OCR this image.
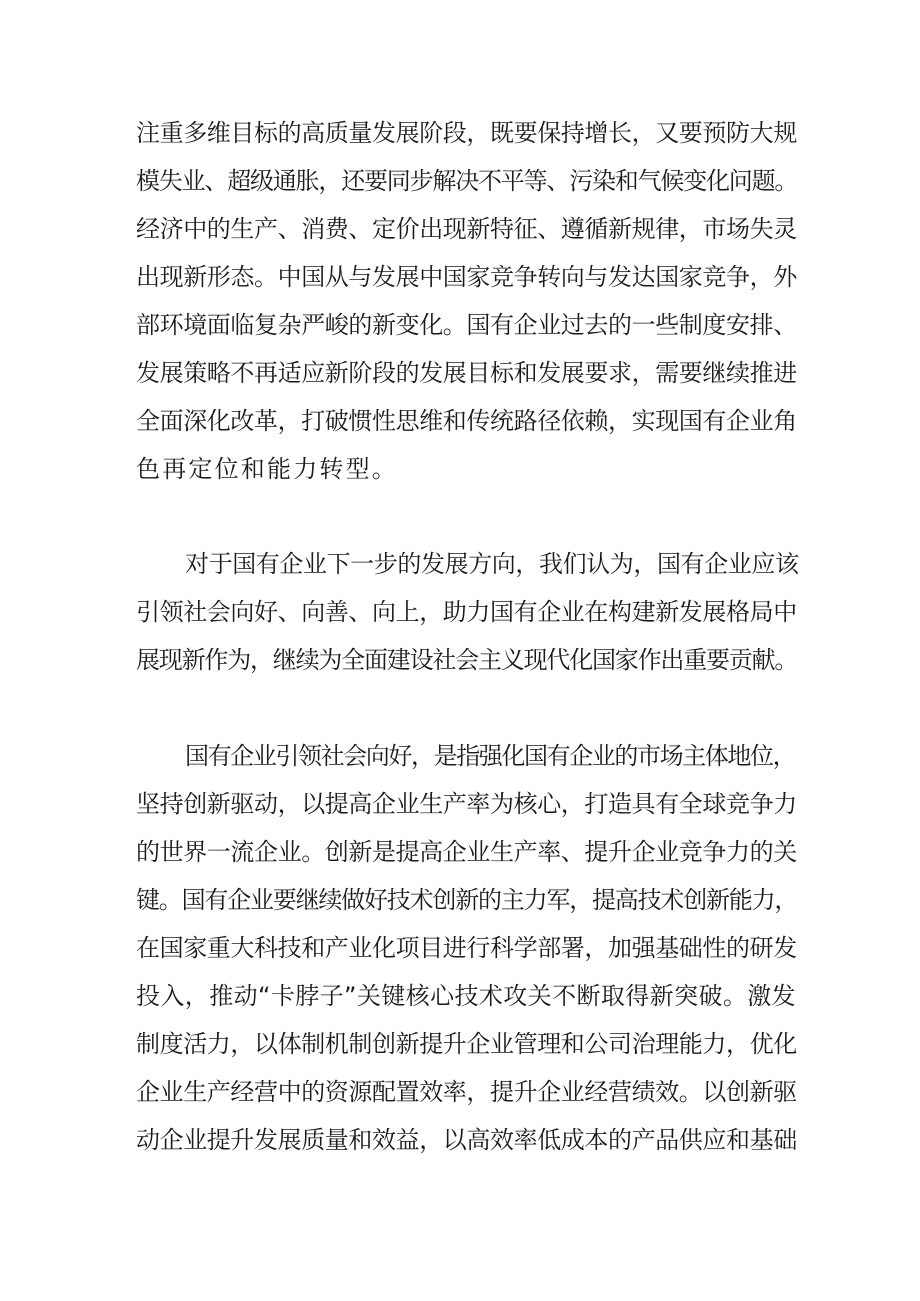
注重多维目标的高质量发展阶段，既要保持增长，又要预防大规
模失业、超级通胀，还要同步解决不平等、污染和气候变化问题。
经济中的生产、消费、定价出现新特征、遵循新规律，市场失灵
出现新形态。中国从与发展中国家竞争转向与发达国家竞争，外
部环境面临复杂严峻的新变化。国有企业过去的一些制度安排、
发展策略不再适应新阶段的发展目标和发展要求，需要继续推进
全面深化改革，打破惯性思维和传统路径依赖，实现国有企业角
色再定位和能力转型。
对于国有企业下一步的发展方向，我们认为，国有企业应该
引领社会向好、向善、向上，助力国有企业在构建新发展格局中
展现新作为，继续为全面建设社会主义现代化国家作出重要贡献。
国有企业引领社会向好，是指强化国有企业的市场主体地位，
坚持创新驱动，以提高企业生产率为核心，打造具有全球竞争力
的世界一流企业。创新是提高企业生产率、提升企业竞争力的关
键。国有企业要继续做好技术创新的主力军，提高技术创新能力，
在国家重大科技和产业化项目进行科学部署，加强基础性的研发
投入，推动“卡脖子”关键核心技术攻关不断取得新突破。激发
制度活力，以体制机制创新提升企业管理和公司治理能力，优化
企业生产经营中的资源配置效率，提升企业经营绩效。以创新驱
动企业提升发展质量和效益，以高效率低成本的产品供应和基础
